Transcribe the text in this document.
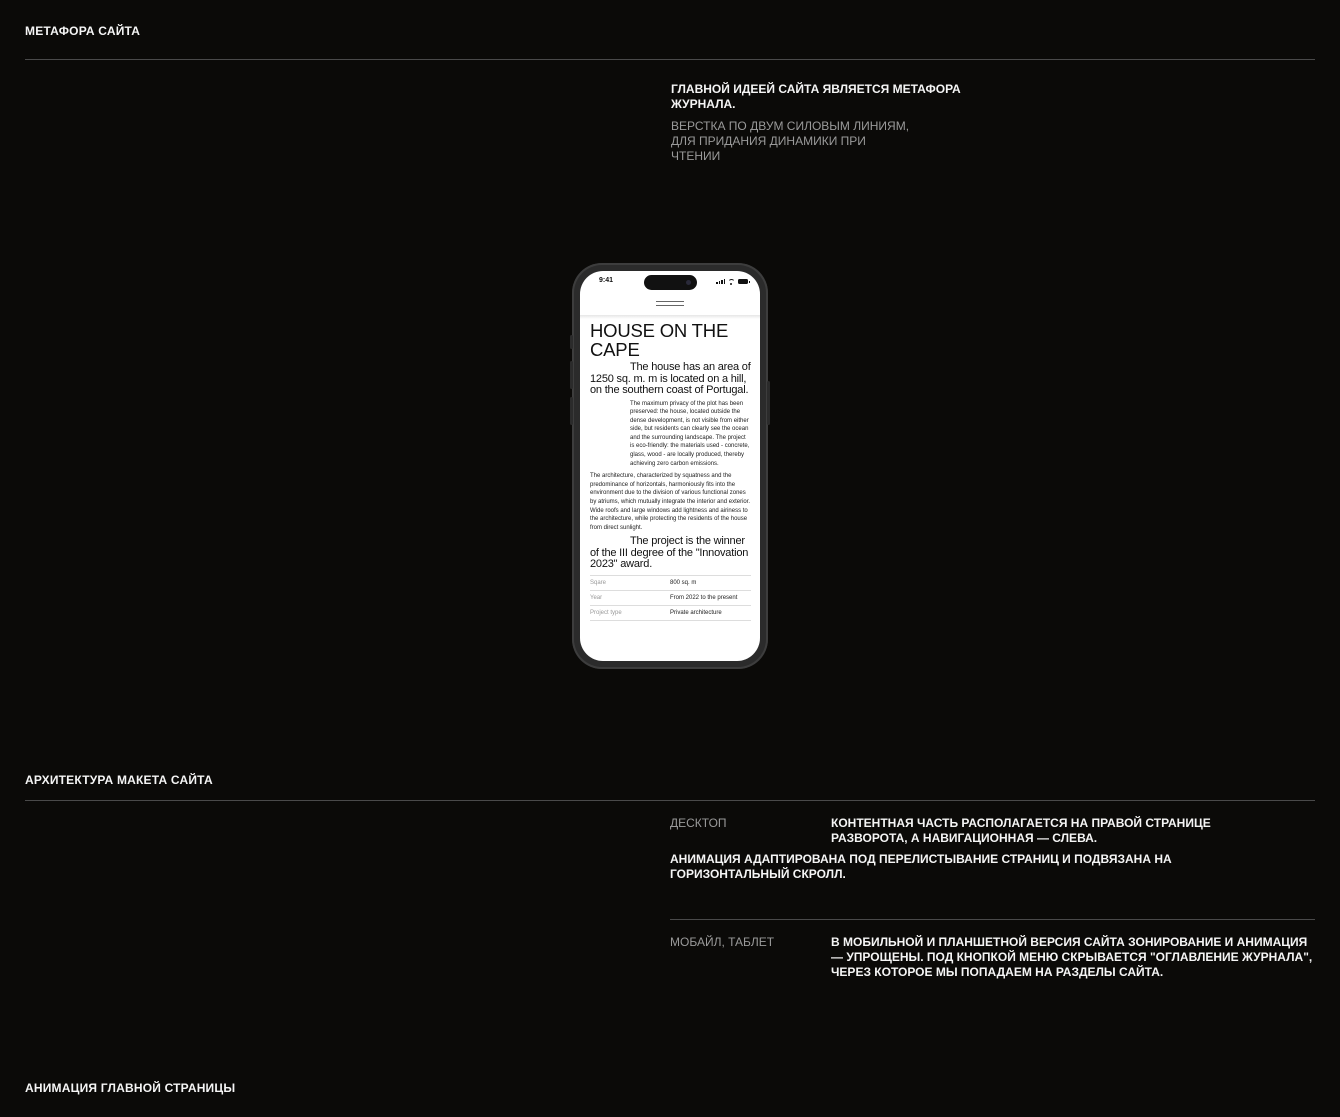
МЕТАФОРА САЙТА

ГЛАВНОЙ ИДЕЕЙ САЙТА ЯВЛЯЕТСЯ МЕТАФОРА ЖУРНАЛА.

ВЕРСТКА ПО ДВУМ СИЛОВЫМ ЛИНИЯМ, ДЛЯ ПРИДАНИЯ ДИНАМИКИ ПРИ ЧТЕНИИ

9:41
HOUSE ON THE CAPE

The house has an area of 1250 sq. m. m is located on a hill, on the southern coast of Portugal.

The maximum privacy of the plot has been preserved: the house, located outside the dense development, is not visible from either side, but residents can clearly see the ocean and the surrounding landscape. The project is eco-friendly: the materials used - concrete, glass, wood - are locally produced, thereby achieving zero carbon emissions.

The architecture, characterized by squatness and the predominance of horizontals, harmoniously fits into the environment due to the division of various functional zones by atriums, which mutually integrate the interior and exterior. Wide roofs and large windows add lightness and airiness to the architecture, while protecting the residents of the house from direct sunlight.

The project is the winner of the III degree of the "Innovation 2023" award.

Sqare	800 sq. m
Year	From 2022 to the present
Project type	Private architecture
АРХИТЕКТУРА МАКЕТА САЙТА
ДЕСКТОП	КОНТЕНТНАЯ ЧАСТЬ РАСПОЛАГАЕТСЯ НА ПРАВОЙ СТРАНИЦЕ РАЗВОРОТА, А НАВИГАЦИОННАЯ — СЛЕВА.
АНИМАЦИЯ АДАПТИРОВАНА ПОД ПЕРЕЛИСТЫВАНИЕ СТРАНИЦ И ПОДВЯЗАНА НА ГОРИЗОНТАЛЬНЫЙ СКРОЛЛ.
МОБАЙЛ, ТАБЛЕТ	В МОБИЛЬНОЙ И ПЛАНШЕТНОЙ ВЕРСИЯ САЙТА ЗОНИРОВАНИЕ И АНИМАЦИЯ — УПРОЩЕНЫ. ПОД КНОПКОЙ МЕНЮ СКРЫВАЕТСЯ "ОГЛАВЛЕНИЕ ЖУРНАЛА", ЧЕРЕЗ КОТОРОЕ МЫ ПОПАДАЕМ НА РАЗДЕЛЫ САЙТА.
АНИМАЦИЯ ГЛАВНОЙ СТРАНИЦЫ
